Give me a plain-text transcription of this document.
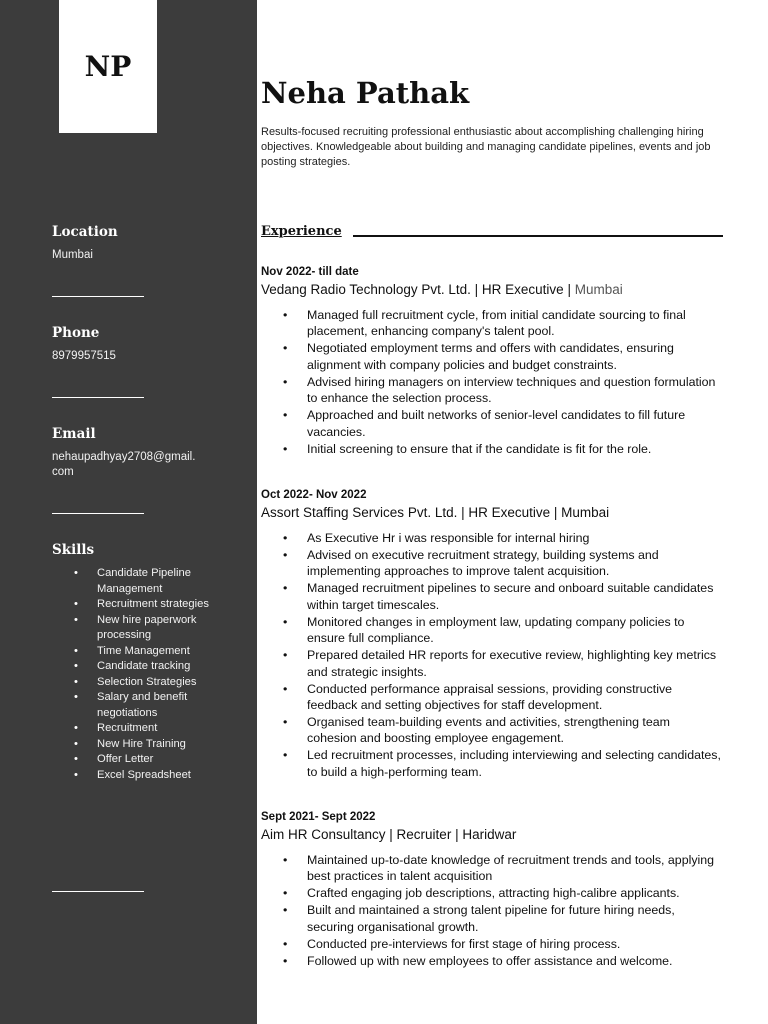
NP
Location
Mumbai
Phone
8979957515
Email
nehaupadhyay2708@gmail.com
Skills
• Candidate Pipeline Management
• Recruitment strategies
• New hire paperwork processing
• Time Management
• Candidate tracking
• Selection Strategies
• Salary and benefit negotiations
• Recruitment
• New Hire Training
• Offer Letter
• Excel Spreadsheet
Neha Pathak
Results-focused recruiting professional enthusiastic about accomplishing challenging hiring objectives. Knowledgeable about building and managing candidate pipelines, events and job posting strategies.
Experience
Nov 2022- till date
Vedang Radio Technology Pvt. Ltd. | HR Executive | Mumbai
• Managed full recruitment cycle, from initial candidate sourcing to final placement, enhancing company's talent pool.
• Negotiated employment terms and offers with candidates, ensuring alignment with company policies and budget constraints.
• Advised hiring managers on interview techniques and question formulation to enhance the selection process.
• Approached and built networks of senior-level candidates to fill future vacancies.
• Initial screening to ensure that if the candidate is fit for the role.
Oct 2022- Nov 2022
Assort Staffing Services Pvt. Ltd. | HR Executive | Mumbai
• As Executive Hr i was responsible for internal hiring
• Advised on executive recruitment strategy, building systems and implementing approaches to improve talent acquisition.
• Managed recruitment pipelines to secure and onboard suitable candidates within target timescales.
• Monitored changes in employment law, updating company policies to ensure full compliance.
• Prepared detailed HR reports for executive review, highlighting key metrics and strategic insights.
• Conducted performance appraisal sessions, providing constructive feedback and setting objectives for staff development.
• Organised team-building events and activities, strengthening team cohesion and boosting employee engagement.
• Led recruitment processes, including interviewing and selecting candidates, to build a high-performing team.
Sept 2021- Sept 2022
Aim HR Consultancy | Recruiter | Haridwar
• Maintained up-to-date knowledge of recruitment trends and tools, applying best practices in talent acquisition
• Crafted engaging job descriptions, attracting high-calibre applicants.
• Built and maintained a strong talent pipeline for future hiring needs, securing organisational growth.
• Conducted pre-interviews for first stage of hiring process.
• Followed up with new employees to offer assistance and welcome.
